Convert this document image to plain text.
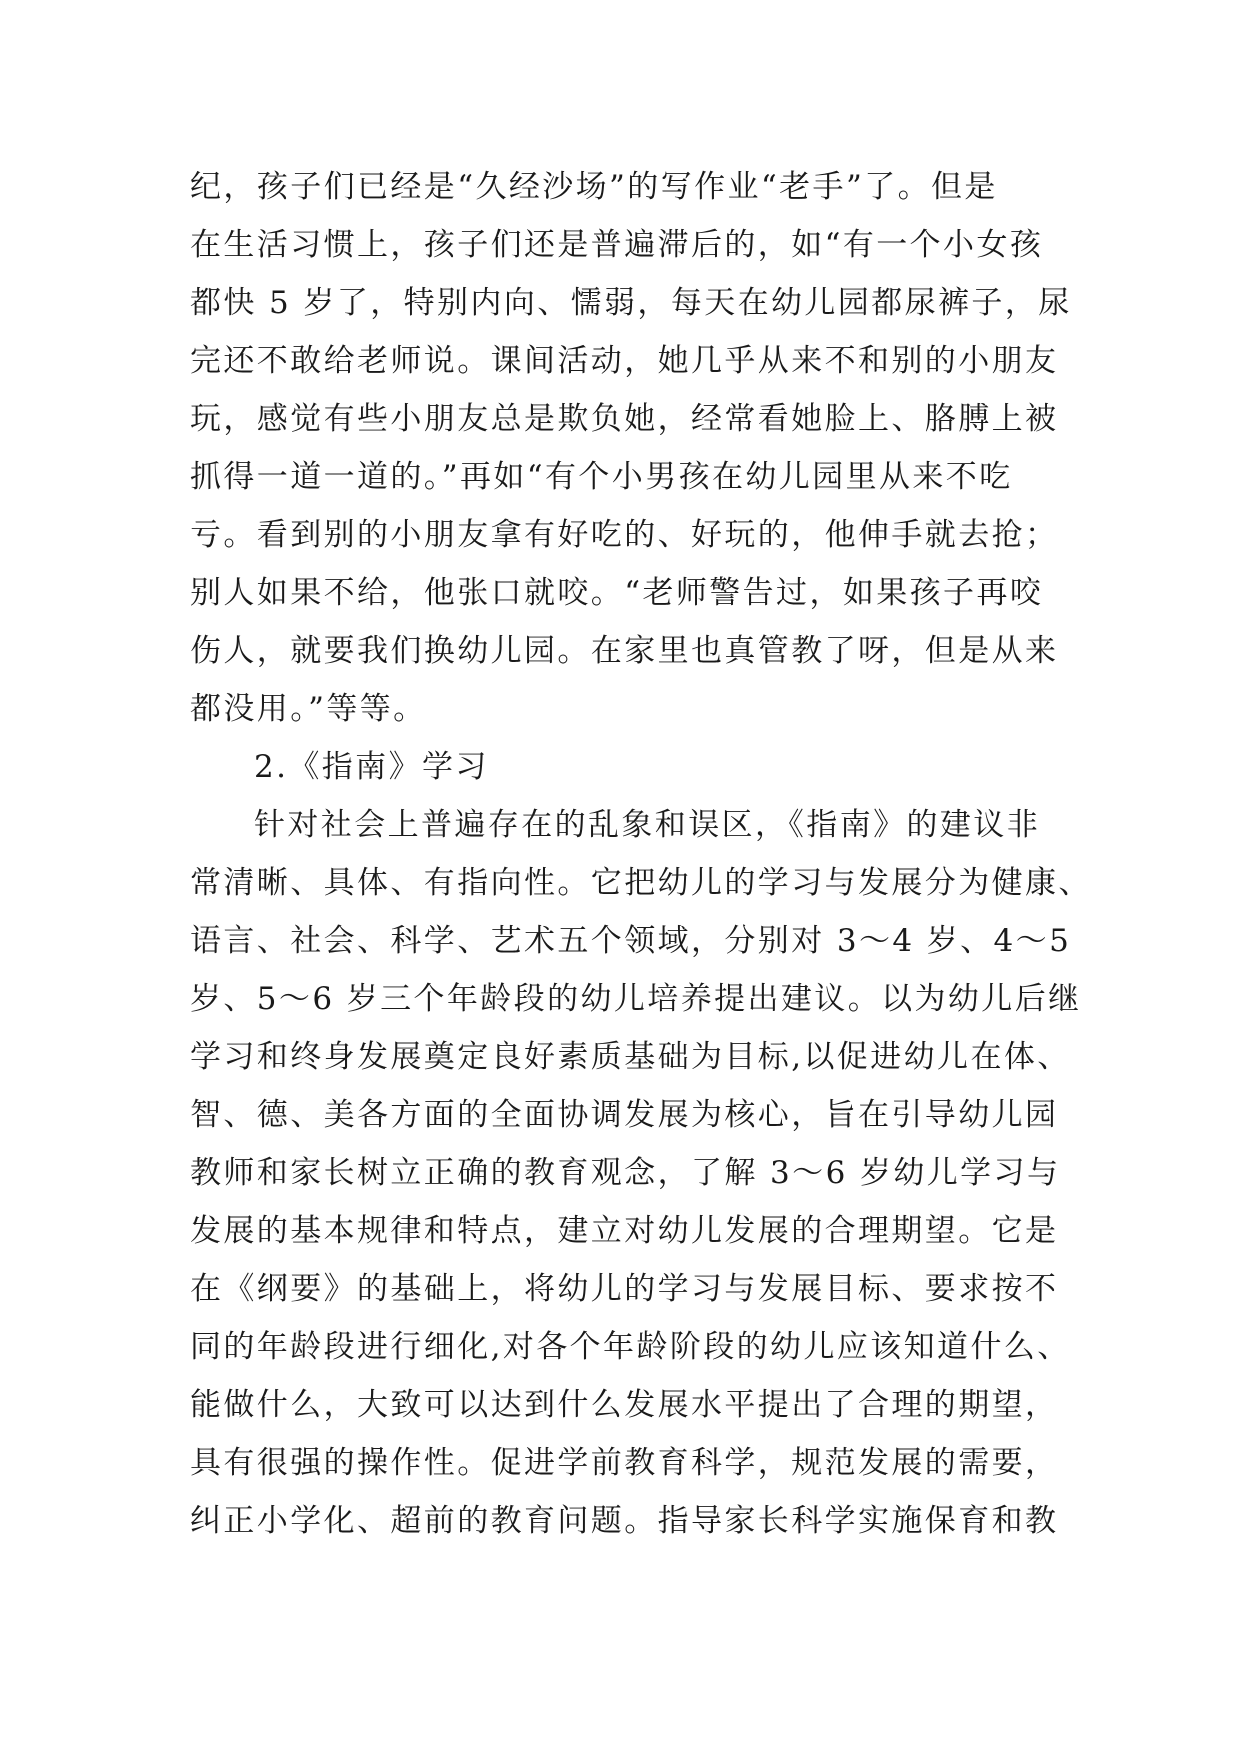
纪，孩子们已经是“久经沙场”的写作业“老手”了。但是
在生活习惯上，孩子们还是普遍滞后的，如“有一个小女孩
都快 5 岁了，特别内向、懦弱，每天在幼儿园都尿裤子，尿
完还不敢给老师说。课间活动，她几乎从来不和别的小朋友
玩，感觉有些小朋友总是欺负她，经常看她脸上、胳膊上被
抓得一道一道的。”再如“有个小男孩在幼儿园里从来不吃
亏。看到别的小朋友拿有好吃的、好玩的，他伸手就去抢；
别人如果不给，他张口就咬。“老师警告过，如果孩子再咬
伤人，就要我们换幼儿园。在家里也真管教了呀，但是从来
都没用。”等等。
2.《指南》学习
针对社会上普遍存在的乱象和误区，《指南》的建议非
常清晰、具体、有指向性。它把幼儿的学习与发展分为健康、
语言、社会、科学、艺术五个领域，分别对 3～4 岁、4～5
岁、5～6 岁三个年龄段的幼儿培养提出建议。以为幼儿后继
学习和终身发展奠定良好素质基础为目标,以促进幼儿在体、
智、德、美各方面的全面协调发展为核心，旨在引导幼儿园
教师和家长树立正确的教育观念，了解 3～6 岁幼儿学习与
发展的基本规律和特点，建立对幼儿发展的合理期望。它是
在《纲要》的基础上，将幼儿的学习与发展目标、要求按不
同的年龄段进行细化,对各个年龄阶段的幼儿应该知道什么、
能做什么，大致可以达到什么发展水平提出了合理的期望，
具有很强的操作性。促进学前教育科学，规范发展的需要，
纠正小学化、超前的教育问题。指导家长科学实施保育和教
